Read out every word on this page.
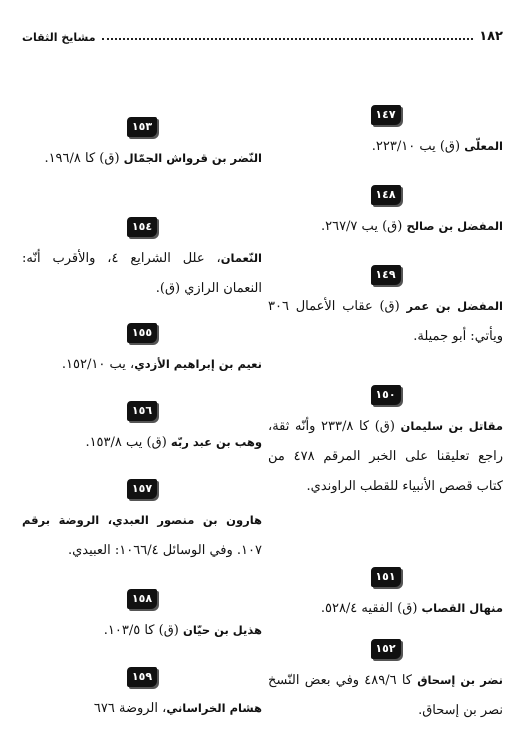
١٨٢
مشايخ الثقات
١٤٧
المعلّى (ق) يب ٢٢٣/١٠.
١٤٨
المفضل بن صالح (ق) يب ٢٦٧/٧.
١٤٩
المفضل بن عمر (ق) عقاب الأعمال ٣٠٦ ويأتي: أبو جميلة.
١٥٠
مقاتل بن سليمان (ق) كا ٢٣٣/٨ وأنّه ثقة، راجع تعليقنا على الخبر المرقم ٤٧٨ من كتاب قصص الأنبياء للقطب الراوندي.
١٥١
منهال القصاب (ق) الفقيه ٥٢٨/٤.
١٥٢
نضر بن إسحاق كا ٤٨٩/٦ وفي بعض النّسخ نصر بن إسحاق.
١٥٣
النّضر بن قرواش الجمّال (ق) كا ١٩٦/٨.
١٥٤
النّعمان، علل الشرايع ٤، والأقرب أنّه: النعمان الرازي (ق).
١٥٥
نعيم بن إبراهيم الأزدي، يب ١٥٢/١٠.
١٥٦
وهب بن عبد ربّه (ق) يب ١٥٣/٨.
١٥٧
هارون بن منصور العبدي، الروضة برقم ١٠٧. وفي الوسائل ١٠٦٦/٤: العبيدي.
١٥٨
هذيل بن حيّان (ق) كا ١٠٣/٥.
١٥٩
هشام الخراساني، الروضة ٦٧٦
